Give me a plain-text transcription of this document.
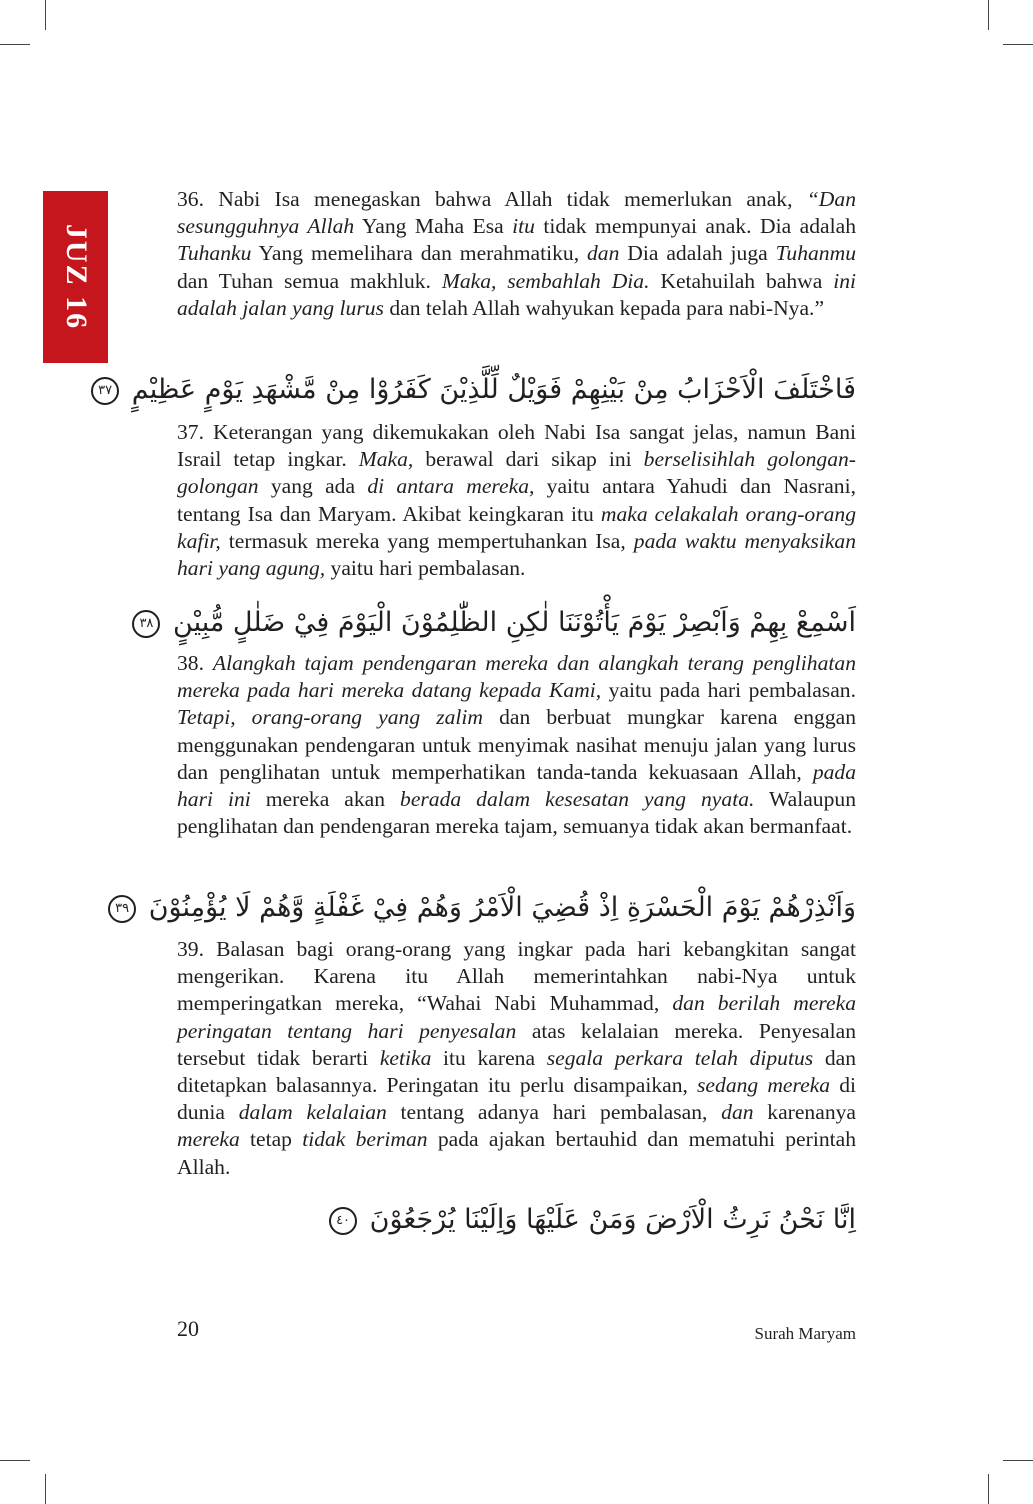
JUZ 16
36. Nabi Isa menegaskan bahwa Allah tidak memerlukan anak, “Dan sesungguhnya Allah Yang Maha Esa itu tidak mempunyai anak. Dia adalah Tuhanku Yang memelihara dan merahmatiku, dan Dia adalah juga Tuhanmu dan Tuhan semua makhluk. Maka, sembahlah Dia. Ketahuilah bahwa ini adalah jalan yang lurus dan telah Allah wahyukan kepada para nabi-Nya.”
فَاخْتَلَفَ الْاَحْزَابُ مِنْ بَيْنِهِمْ فَوَيْلٌ لِّلَّذِيْنَ كَفَرُوْا مِنْ مَّشْهَدِ يَوْمٍ عَظِيْمٍ ٣٧
37. Keterangan yang dikemukakan oleh Nabi Isa sangat jelas, namun Bani Israil tetap ingkar. Maka, berawal dari sikap ini berselisihlah golongan-golongan yang ada di antara mereka, yaitu antara Yahudi dan Nasrani, tentang Isa dan Maryam. Akibat keingkaran itu maka celakalah orang-orang kafir, termasuk mereka yang mempertuhankan Isa, pada waktu menyaksikan hari yang agung, yaitu hari pembalasan.
اَسْمِعْ بِهِمْ وَاَبْصِرْ يَوْمَ يَأْتُوْنَنَا لٰكِنِ الظّٰلِمُوْنَ الْيَوْمَ فِيْ ضَلٰلٍ مُّبِيْنٍ ٣٨
38. Alangkah tajam pendengaran mereka dan alangkah terang penglihatan mereka pada hari mereka datang kepada Kami, yaitu pada hari pembalasan. Tetapi, orang-orang yang zalim dan berbuat mungkar karena enggan menggunakan pendengaran untuk menyimak nasihat menuju jalan yang lurus dan penglihatan untuk memperhatikan tanda-tanda kekuasaan Allah, pada hari ini mereka akan berada dalam kesesatan yang nyata. Walaupun penglihatan dan pendengaran mereka tajam, semuanya tidak akan bermanfaat.
وَاَنْذِرْهُمْ يَوْمَ الْحَسْرَةِ اِذْ قُضِيَ الْاَمْرُ وَهُمْ فِيْ غَفْلَةٍ وَّهُمْ لَا يُؤْمِنُوْنَ ٣٩
39. Balasan bagi orang-orang yang ingkar pada hari kebangkitan sangat mengerikan. Karena itu Allah memerintahkan nabi-Nya untuk memperingatkan mereka, “Wahai Nabi Muhammad, dan berilah mereka peringatan tentang hari penyesalan atas kelalaian mereka. Penyesalan tersebut tidak berarti ketika itu karena segala perkara telah diputus dan ditetapkan balasannya. Peringatan itu perlu disampaikan, sedang mereka di dunia dalam kelalaian tentang adanya hari pembalasan, dan karenanya mereka tetap tidak beriman pada ajakan bertauhid dan mematuhi perintah Allah.
اِنَّا نَحْنُ نَرِثُ الْاَرْضَ وَمَنْ عَلَيْهَا وَاِلَيْنَا يُرْجَعُوْنَ ٤٠
20	Surah Maryam
